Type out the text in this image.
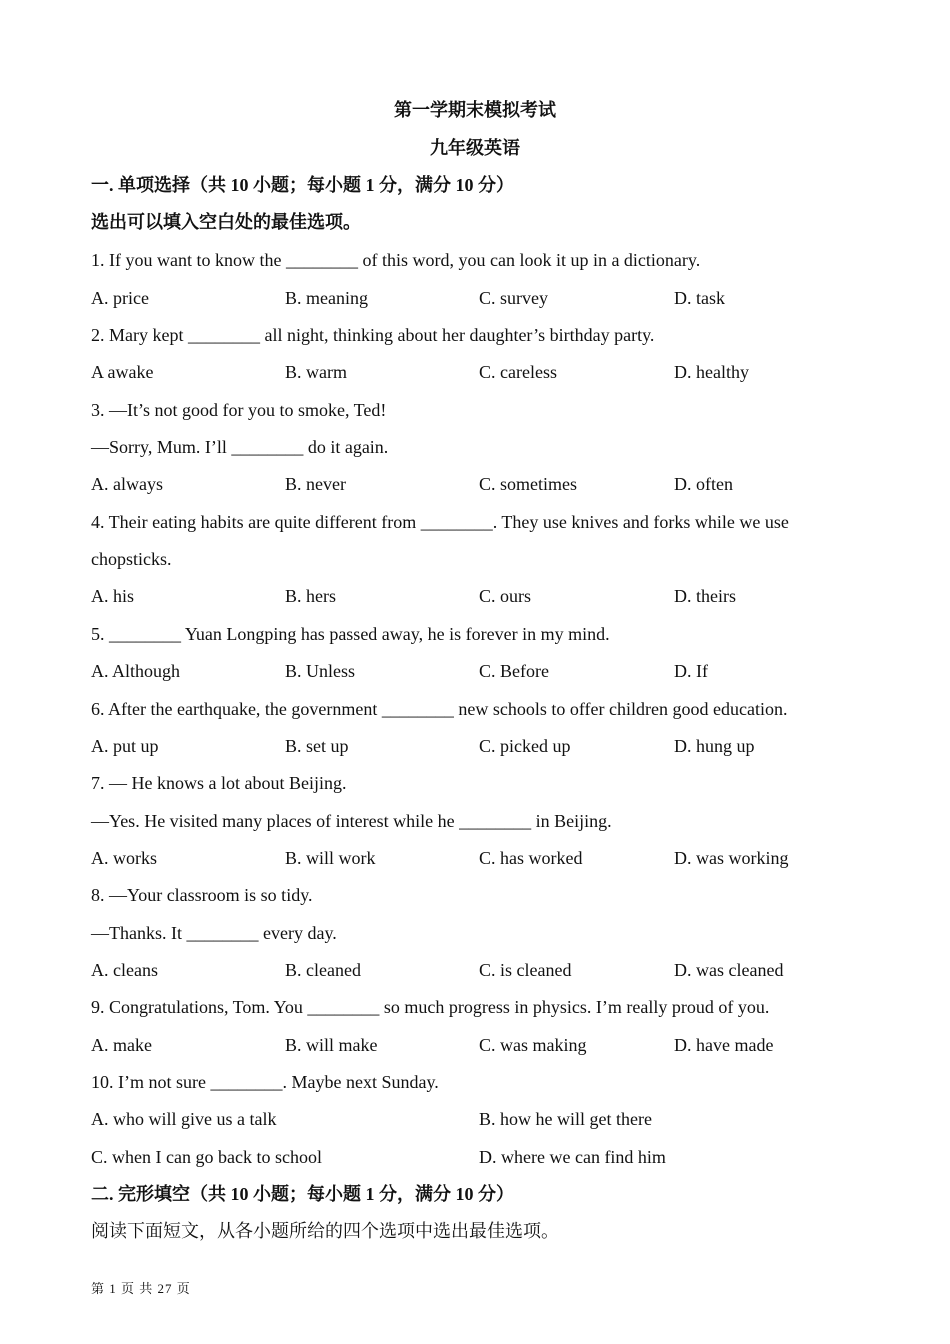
第一学期末模拟考试
九年级英语
一. 单项选择（共 10 小题；每小题 1 分，满分 10 分）
选出可以填入空白处的最佳选项。
1. If you want to know the ________ of this word, you can look it up in a dictionary.
A. price	B. meaning	C. survey	D. task
2. Mary kept ________ all night, thinking about her daughter’s birthday party.
A awake	B. warm	C. careless	D. healthy
3. —It’s not good for you to smoke, Ted!
—Sorry, Mum. I’ll ________ do it again.
A. always	B. never	C. sometimes	D. often
4. Their eating habits are quite different from ________. They use knives and forks while we use
chopsticks.
A. his	B. hers	C. ours	D. theirs
5. ________ Yuan Longping has passed away, he is forever in my mind.
A. Although	B. Unless	C. Before	D. If
6. After the earthquake, the government ________ new schools to offer children good education.
A. put up	B. set up	C. picked up	D. hung up
7. — He knows a lot about Beijing.
—Yes. He visited many places of interest while he ________ in Beijing.
A. works	B. will work	C. has worked	D. was working
8. —Your classroom is so tidy.
—Thanks. It ________ every day.
A. cleans	B. cleaned	C. is cleaned	D. was cleaned
9. Congratulations, Tom. You ________ so much progress in physics. I’m really proud of you.
A. make	B. will make	C. was making	D. have made
10. I’m not sure ________. Maybe next Sunday.
A. who will give us a talk	B. how he will get there
C. when I can go back to school	D. where we can find him
二. 完形填空（共 10 小题；每小题 1 分，满分 10 分）
阅读下面短文，从各小题所给的四个选项中选出最佳选项。
第 1 页 共 27 页
